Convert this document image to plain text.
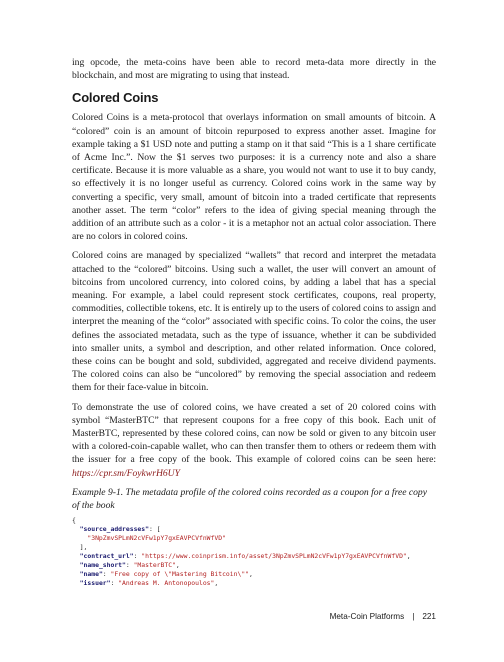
ing opcode, the meta-coins have been able to record meta-data more directly in the blockchain, and most are migrating to using that instead.

Colored Coins

Colored Coins is a meta-protocol that overlays information on small amounts of bitcoin. A “colored” coin is an amount of bitcoin repurposed to express another asset. Imagine for example taking a $1 USD note and putting a stamp on it that said “This is a 1 share certificate of Acme Inc.”. Now the $1 serves two purposes: it is a currency note and also a share certificate. Because it is more valuable as a share, you would not want to use it to buy candy, so effectively it is no longer useful as currency. Colored coins work in the same way by converting a specific, very small, amount of bitcoin into a traded certificate that represents another asset. The term “color” refers to the idea of giving special meaning through the addition of an attribute such as a color - it is a metaphor not an actual color association. There are no colors in colored coins.

Colored coins are managed by specialized “wallets” that record and interpret the metadata attached to the “colored” bitcoins. Using such a wallet, the user will convert an amount of bitcoins from uncolored currency, into colored coins, by adding a label that has a special meaning. For example, a label could represent stock certificates, coupons, real property, commodities, collectible tokens, etc. It is entirely up to the users of colored coins to assign and interpret the meaning of the “color” associated with specific coins. To color the coins, the user defines the associated metadata, such as the type of issuance, whether it can be subdivided into smaller units, a symbol and description, and other related information. Once colored, these coins can be bought and sold, subdivided, aggregated and receive dividend payments. The colored coins can also be “uncolored” by removing the special association and redeem them for their face-value in bitcoin.

To demonstrate the use of colored coins, we have created a set of 20 colored coins with symbol “MasterBTC” that represent coupons for a free copy of this book. Each unit of MasterBTC, represented by these colored coins, can now be sold or given to any bitcoin user with a colored-coin-capable wallet, who can then transfer them to others or redeem them with the issuer for a free copy of the book. This example of colored coins can be seen here: https://cpr.sm/FoykwrH6UY

Example 9-1. The metadata profile of the colored coins recorded as a coupon for a free copy of the book
{
"source_addresses": [
"3NpZmvSPLmN2cVFw1pY7gxEAVPCVfnWfVD"
],
"contract_url": "https://www.coinprism.info/asset/3NpZmvSPLmN2cVFw1pY7gxEAVPCVfnWfVD",
"name_short": "MasterBTC",
"name": "Free copy of \"Mastering Bitcoin\"",
"issuer": "Andreas M. Antonopoulos",
Meta-Coin Platforms | 221
